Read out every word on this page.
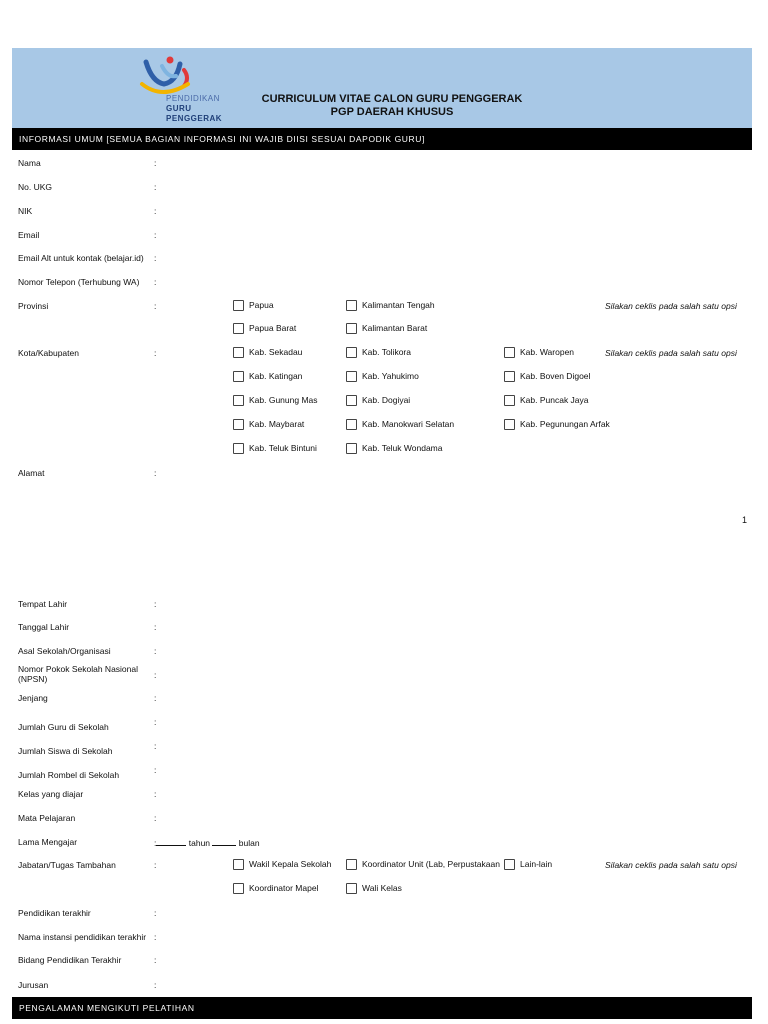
PENDIDIKAN
GURU
PENGGERAK
CURRICULUM VITAE CALON GURU PENGGERAK
PGP DAERAH KHUSUS
INFORMASI UMUM [SEMUA BAGIAN INFORMASI INI WAJIB DIISI SESUAI DAPODIK GURU]
Nama	:
No. UKG	:
NIK	:
Email	:
Email Alt untuk kontak (belajar.id)	:
Nomor Telepon (Terhubung WA)	:
Provinsi	:	Papua	Kalimantan Tengah	Silakan ceklis pada salah satu opsi
Papua Barat	Kalimantan Barat
Kota/Kabupaten	:	Silakan ceklis pada salah satu opsi
Kab. Sekadau	Kab. Tolikora	Kab. Waropen
Kab. Katingan	Kab. Yahukimo	Kab. Boven Digoel
Kab. Gunung Mas	Kab. Dogiyai	Kab. Puncak Jaya
Kab. Maybarat	Kab. Manokwari Selatan	Kab. Pegunungan Arfak
Kab. Teluk Bintuni	Kab. Teluk Wondama
Alamat	:
1
Tempat Lahir	:
Tanggal Lahir	:
Asal Sekolah/Organisasi	:
Nomor Pokok Sekolah Nasional (NPSN)	:
Jenjang	:
Jumlah Guru di Sekolah	:
Jumlah Siswa di Sekolah	:
Jumlah Rombel di Sekolah	:
Kelas yang diajar	:
Mata Pelajaran	:
Lama Mengajar	:	tahun	bulan
Jabatan/Tugas Tambahan	:	Wakil Kepala Sekolah	Koordinator Unit (Lab, Perpustakaan Lain-lain	Silakan ceklis pada salah satu opsi
Koordinator Mapel	Wali Kelas
Pendidikan terakhir	:
Nama instansi pendidikan terakhir :
Bidang Pendidikan Terakhir	:
Jurusan	:
PENGALAMAN MENGIKUTI PELATIHAN
